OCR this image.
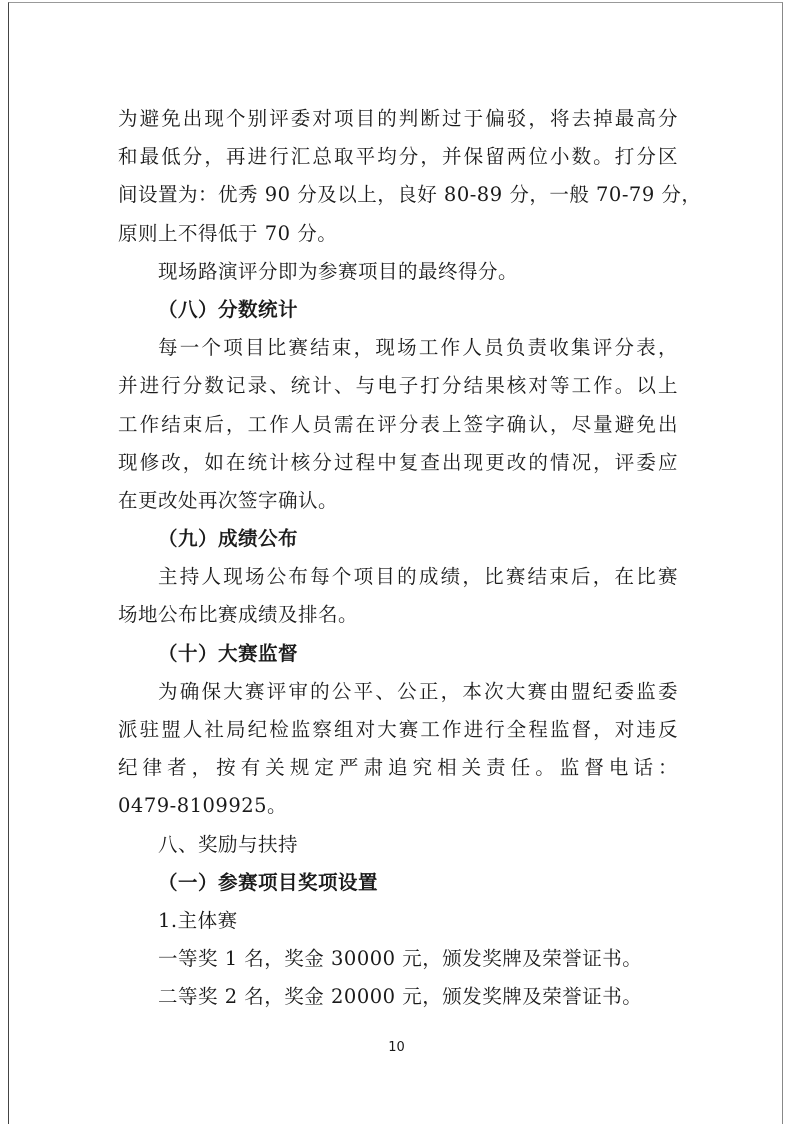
为避免出现个别评委对项目的判断过于偏驳，将去掉最高分
和最低分，再进行汇总取平均分，并保留两位小数。打分区
间设置为：优秀 90 分及以上，良好 80-89 分，一般 70-79 分，
原则上不得低于 70 分。
现场路演评分即为参赛项目的最终得分。
（八）分数统计
每一个项目比赛结束，现场工作人员负责收集评分表，
并进行分数记录、统计、与电子打分结果核对等工作。以上
工作结束后，工作人员需在评分表上签字确认，尽量避免出
现修改，如在统计核分过程中复查出现更改的情况，评委应
在更改处再次签字确认。
（九）成绩公布
主持人现场公布每个项目的成绩，比赛结束后，在比赛
场地公布比赛成绩及排名。
（十）大赛监督
为确保大赛评审的公平、公正，本次大赛由盟纪委监委
派驻盟人社局纪检监察组对大赛工作进行全程监督，对违反
纪律者，按有关规定严肃追究相关责任。监督电话：
0479-8109925。
八、奖励与扶持
（一）参赛项目奖项设置
1.主体赛
一等奖 1 名，奖金 30000 元，颁发奖牌及荣誉证书。
二等奖 2 名，奖金 20000 元，颁发奖牌及荣誉证书。
10
